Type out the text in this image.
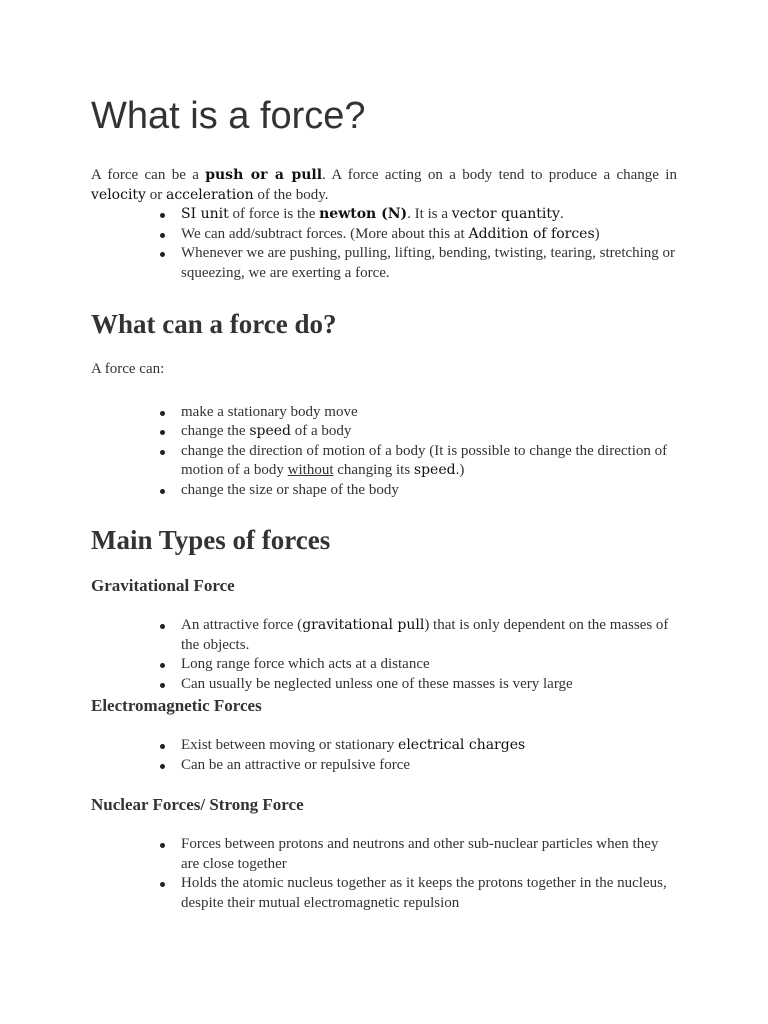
What is a force?

A force can be a push or a pull. A force acting on a body tend to produce a change in velocity or acceleration of the body.

SI unit of force is the newton (N). It is a vector quantity.
We can add/subtract forces. (More about this at Addition of forces)
Whenever we are pushing, pulling, lifting, bending, twisting, tearing, stretching or squeezing, we are exerting a force.
What can a force do?

A force can:

make a stationary body move
change the speed of a body
change the direction of motion of a body (It is possible to change the direction of motion of a body without changing its speed.)
change the size or shape of the body
Main Types of forces
Gravitational Force
An attractive force (gravitational pull) that is only dependent on the masses of the objects.
Long range force which acts at a distance
Can usually be neglected unless one of these masses is very large
Electromagnetic Forces
Exist between moving or stationary electrical charges
Can be an attractive or repulsive force
Nuclear Forces/ Strong Force
Forces between protons and neutrons and other sub-nuclear particles when they are close together
Holds the atomic nucleus together as it keeps the protons together in the nucleus, despite their mutual electromagnetic repulsion
